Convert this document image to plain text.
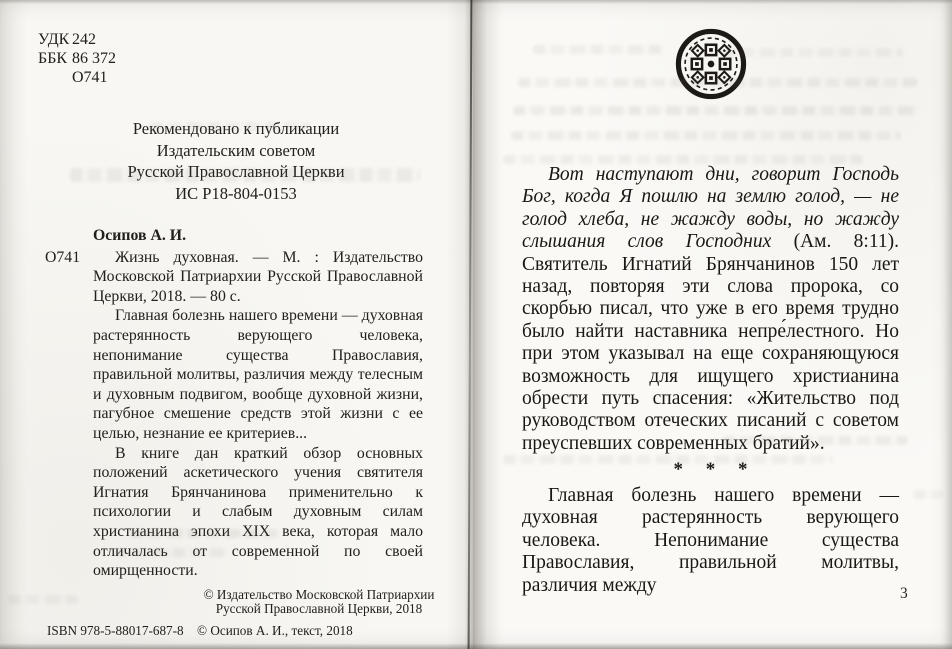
УДК 242
ББК 86 372
О741
Рекомендовано к публикации
Издательским советом
Русской Православной Церкви
ИС Р18-804-0153

Осипов А. И.

О741	Жизнь духовная. — М. : Издательство Московской Патриархии Русской Православной Церкви, 2018. — 80 с.

Главная болезнь нашего времени — духовная растерянность верующего человека, непонимание существа Православия, правильной молитвы, различия между телесным и духовным подвигом, вообще духовной жизни, пагубное смешение средств этой жизни с ее целью, незнание ее критериев...

В книге дан краткий обзор основных положений аскетического учения святителя Игнатия Брянчанинова применительно к психологии и слабым духовным силам христианина эпохи XIX века, которая мало отличалась от современной по своей омирщенности.

© Издательство Московской Патриархии
Русской Православной Церкви, 2018
ISBN 978-5-88017-687-8 © Осипов А. И., текст, 2018

Вот наступают дни, говорит Господь Бог, когда Я пошлю на землю голод, — не голод хлеба, не жажду воды, но жажду слышания слов Господних (Ам. 8:11). Святитель Игнатий Брянчанинов 150 лет назад, повторяя эти слова пророка, со скорбью писал, что уже в его время трудно было найти наставника непре́лестного. Но при этом указывал на еще сохраняющуюся возможность для ищущего христианина обрести путь спасения: «Жительство под руководством отеческих писаний с советом преуспевших современных братий».

* * *

Главная болезнь нашего времени — духовная растерянность верующего человека. Непонимание существа Православия, правильной молитвы, различия между	3
